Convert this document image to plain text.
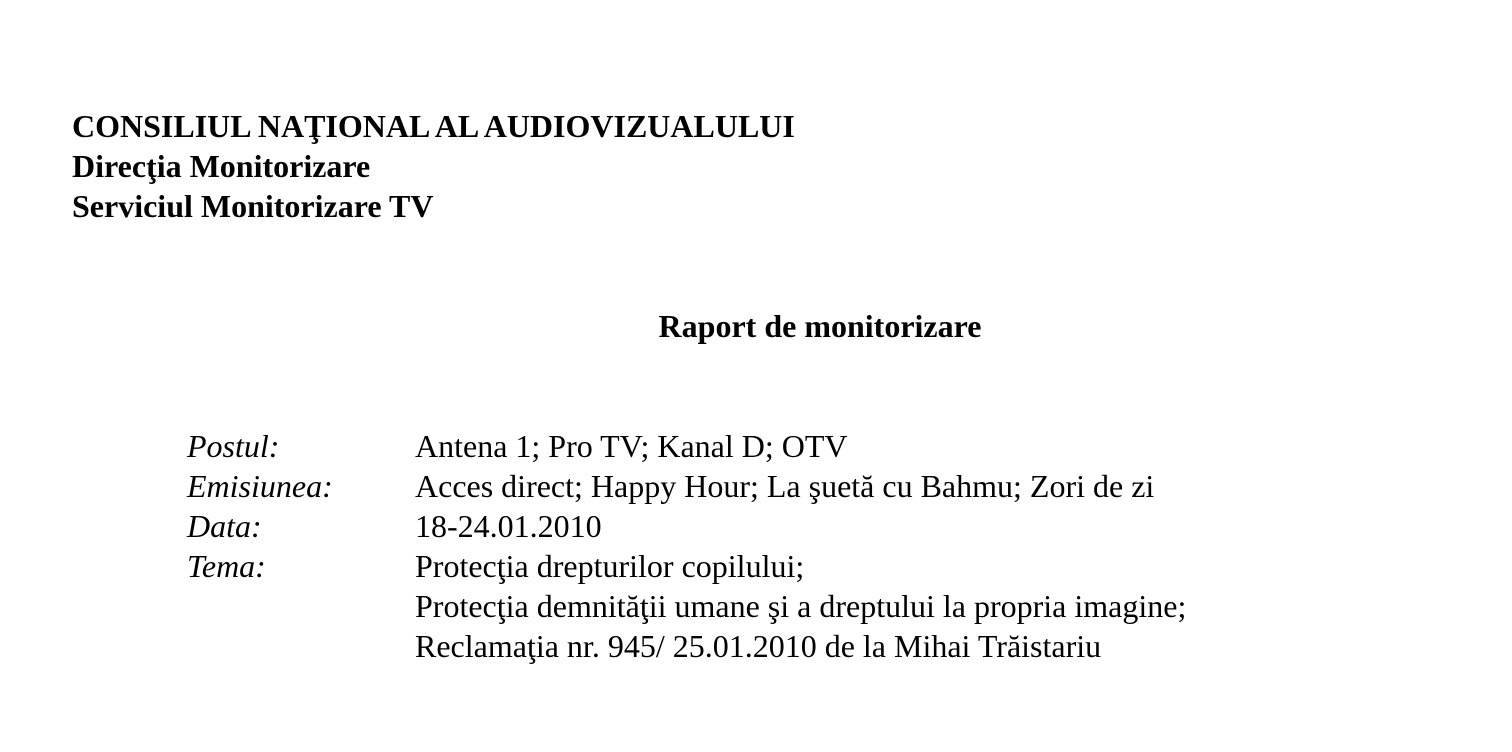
CONSILIUL NAŢIONAL AL AUDIOVIZUALULUI
Direcţia Monitorizare
Serviciul Monitorizare TV
Raport de monitorizare
Postul:	Antena 1; Pro TV; Kanal D; OTV
Emisiunea:	Acces direct; Happy Hour; La şuetă cu Bahmu; Zori de zi
Data:	18-24.01.2010
Tema:	Protecţia drepturilor copilului;
Protecţia demnităţii umane şi a dreptului la propria imagine;
Reclamaţia nr. 945/ 25.01.2010 de la Mihai Trăistariu
